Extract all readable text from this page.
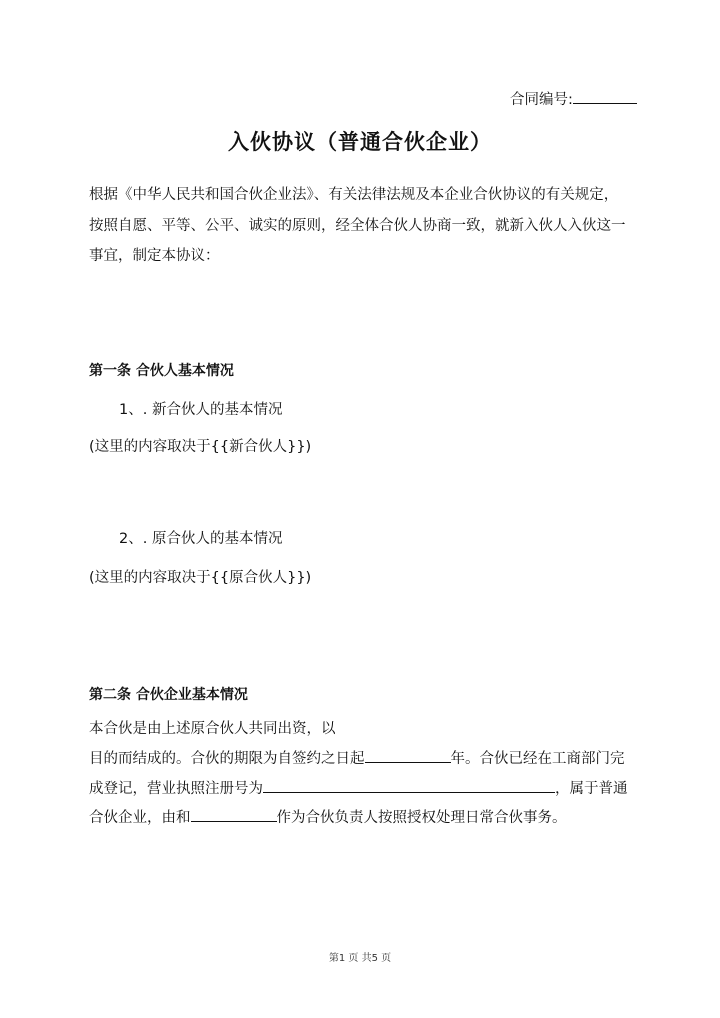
合同编号:
入伙协议（普通合伙企业）
根据《中华人民共和国合伙企业法》、有关法律法规及本企业合伙协议的有关规定，
按照自愿、平等、公平、诚实的原则，经全体合伙人协商一致，就新入伙人入伙这一
事宜，制定本协议：
第一条 合伙人基本情况
1、. 新合伙人的基本情况
(这里的内容取决于{{新合伙人}})
2、. 原合伙人的基本情况
(这里的内容取决于{{原合伙人}})
第二条 合伙企业基本情况
本合伙是由上述原合伙人共同出资，以
目的而结成的。合伙的期限为自签约之日起	年。合伙已经在工商部门完
成登记，营业执照注册号为	，属于普通
合伙企业，由和	作为合伙负责人按照授权处理日常合伙事务。
第1 页 共5 页
